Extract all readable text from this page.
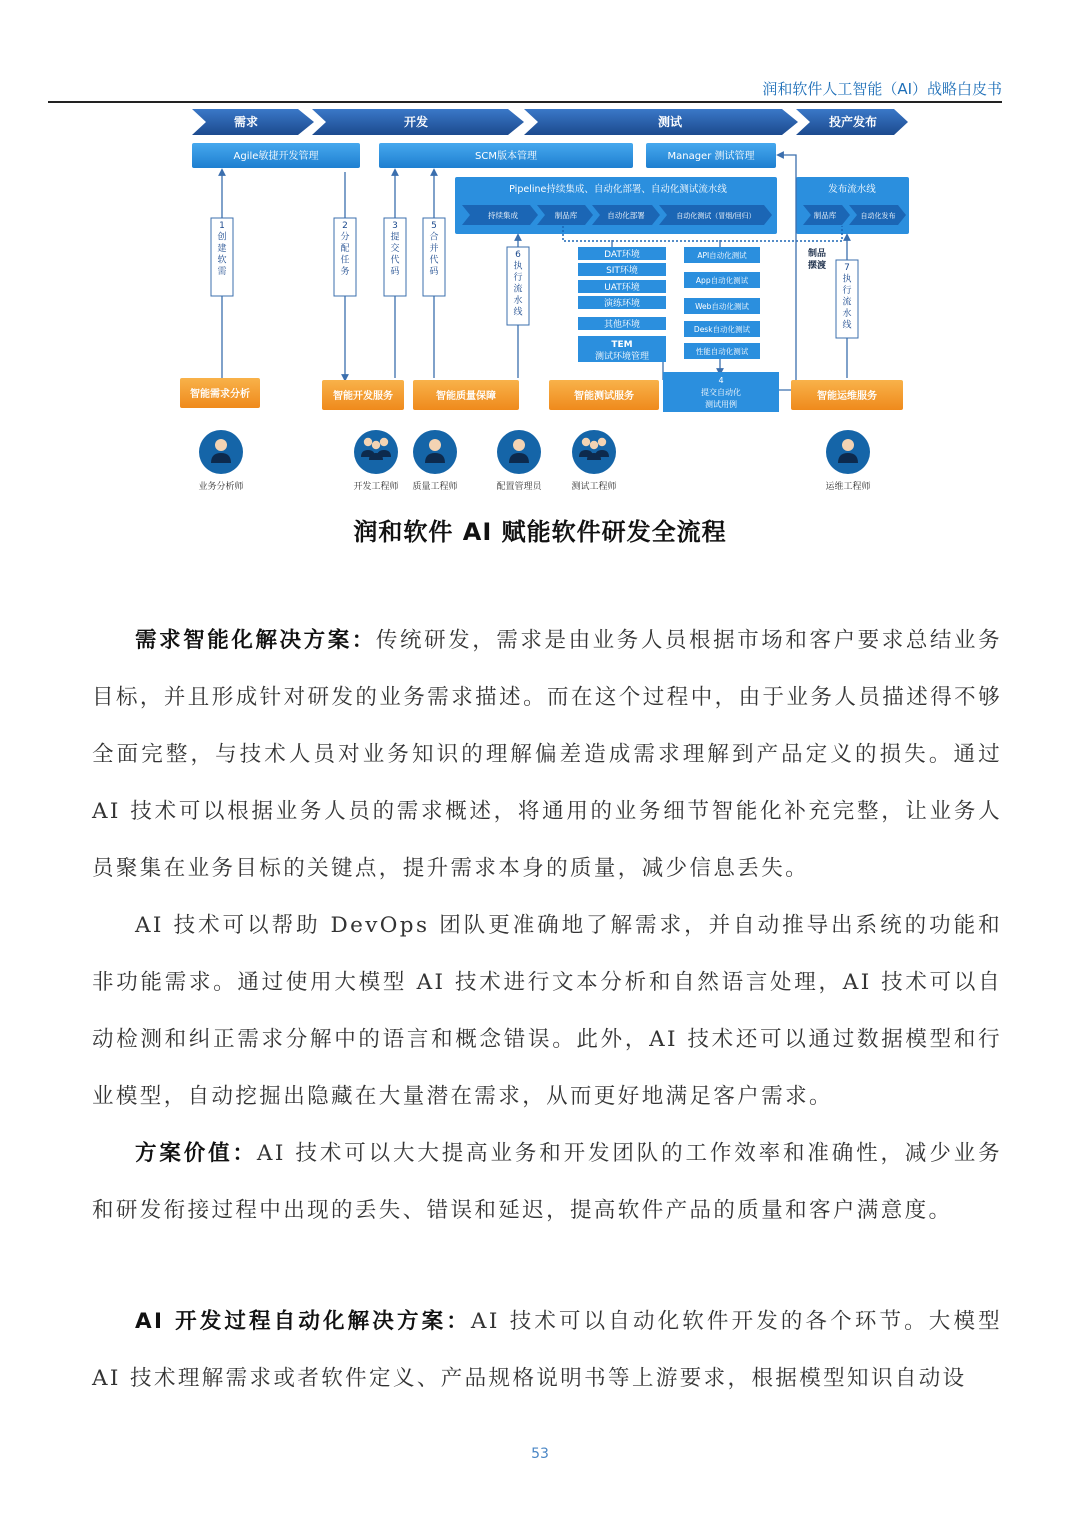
润和软件人工智能（AI）战略白皮书
需求	开发	测试	投产发布
Agile敏捷开发管理	SCM版本管理	Manager 测试管理
Pipeline持续集成、自动化部署、自动化测试流水线
持续集成	制品库	自动化部署	自动化测试（冒烟/回归）
发布流水线
制品库	自动化发布
制品
摆渡
1 创建软需
2 分配任务
3 提交代码
5 合并代码
6 执行流水线
7 执行流水线
DAT环境
SIT环境
UAT环境
演练环境
其他环境
TEM
测试环境管理
API自动化测试
App自动化测试
Web自动化测试
Desk自动化测试
性能自动化测试
4
提交自动化
测试用例
智能需求分析	智能开发服务	智能质量保障	智能测试服务	智能运维服务
业务分析师	开发工程师 质量工程师	配置管理员	测试工程师	运维工程师
润和软件 AI 赋能软件研发全流程

需求智能化解决方案：传统研发，需求是由业务人员根据市场和客户要求总结业务目标，并且形成针对研发的业务需求描述。而在这个过程中，由于业务人员描述得不够全面完整，与技术人员对业务知识的理解偏差造成需求理解到产品定义的损失。通过 AI 技术可以根据业务人员的需求概述，将通用的业务细节智能化补充完整，让业务人员聚集在业务目标的关键点，提升需求本身的质量，减少信息丢失。

AI 技术可以帮助 DevOps 团队更准确地了解需求，并自动推导出系统的功能和非功能需求。通过使用大模型 AI 技术进行文本分析和自然语言处理，AI 技术可以自动检测和纠正需求分解中的语言和概念错误。此外，AI 技术还可以通过数据模型和行业模型，自动挖掘出隐藏在大量潜在需求，从而更好地满足客户需求。

方案价值：AI 技术可以大大提高业务和开发团队的工作效率和准确性，减少业务和研发衔接过程中出现的丢失、错误和延迟，提高软件产品的质量和客户满意度。

AI 开发过程自动化解决方案：AI 技术可以自动化软件开发的各个环节。大模型 AI 技术理解需求或者软件定义、产品规格说明书等上游要求，根据模型知识自动设

53
